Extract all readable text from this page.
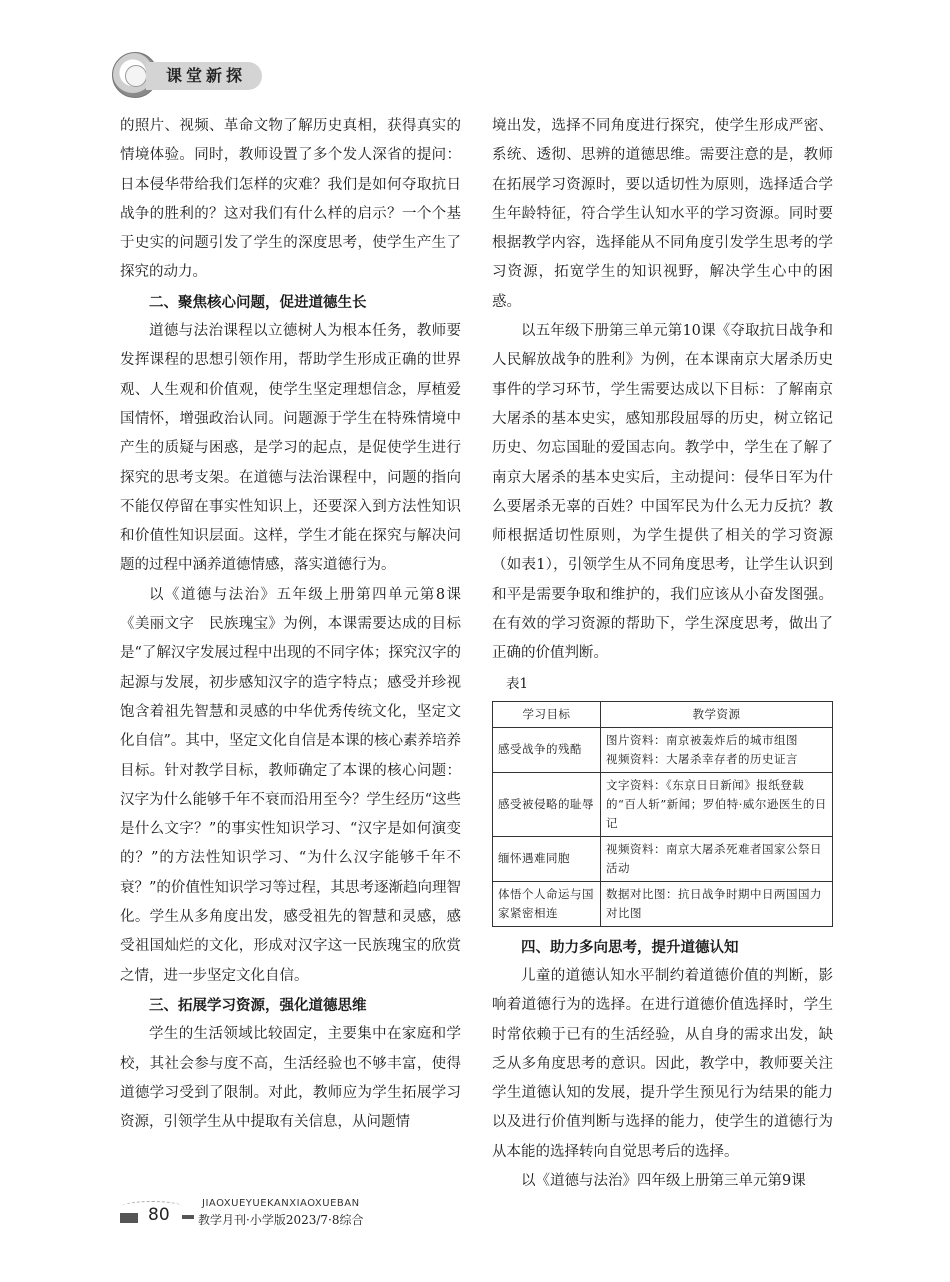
课堂新探

的照片、视频、革命文物了解历史真相，获得真实的情境体验。同时，教师设置了多个发人深省的提问：日本侵华带给我们怎样的灾难？我们是如何夺取抗日战争的胜利的？这对我们有什么样的启示？一个个基于史实的问题引发了学生的深度思考，使学生产生了探究的动力。

二、聚焦核心问题，促进道德生长

道德与法治课程以立德树人为根本任务，教师要发挥课程的思想引领作用，帮助学生形成正确的世界观、人生观和价值观，使学生坚定理想信念，厚植爱国情怀，增强政治认同。问题源于学生在特殊情境中产生的质疑与困惑，是学习的起点，是促使学生进行探究的思考支架。在道德与法治课程中，问题的指向不能仅停留在事实性知识上，还要深入到方法性知识和价值性知识层面。这样，学生才能在探究与解决问题的过程中涵养道德情感，落实道德行为。

以《道德与法治》五年级上册第四单元第8课《美丽文字　民族瑰宝》为例，本课需要达成的目标是“了解汉字发展过程中出现的不同字体；探究汉字的起源与发展，初步感知汉字的造字特点；感受并珍视饱含着祖先智慧和灵感的中华优秀传统文化，坚定文化自信”。其中，坚定文化自信是本课的核心素养培养目标。针对教学目标，教师确定了本课的核心问题：汉字为什么能够千年不衰而沿用至今？学生经历“这些是什么文字？”的事实性知识学习、“汉字是如何演变的？”的方法性知识学习、“为什么汉字能够千年不衰？”的价值性知识学习等过程，其思考逐渐趋向理智化。学生从多角度出发，感受祖先的智慧和灵感，感受祖国灿烂的文化，形成对汉字这一民族瑰宝的欣赏之情，进一步坚定文化自信。

三、拓展学习资源，强化道德思维

学生的生活领域比较固定，主要集中在家庭和学校，其社会参与度不高，生活经验也不够丰富，使得道德学习受到了限制。对此，教师应为学生拓展学习资源，引领学生从中提取有关信息，从问题情

境出发，选择不同角度进行探究，使学生形成严密、系统、透彻、思辨的道德思维。需要注意的是，教师在拓展学习资源时，要以适切性为原则，选择适合学生年龄特征，符合学生认知水平的学习资源。同时要根据教学内容，选择能从不同角度引发学生思考的学习资源，拓宽学生的知识视野，解决学生心中的困惑。

以五年级下册第三单元第10课《夺取抗日战争和人民解放战争的胜利》为例，在本课南京大屠杀历史事件的学习环节，学生需要达成以下目标：了解南京大屠杀的基本史实，感知那段屈辱的历史，树立铭记历史、勿忘国耻的爱国志向。教学中，学生在了解了南京大屠杀的基本史实后，主动提问：侵华日军为什么要屠杀无辜的百姓？中国军民为什么无力反抗？教师根据适切性原则，为学生提供了相关的学习资源（如表1），引领学生从不同角度思考，让学生认识到和平是需要争取和维护的，我们应该从小奋发图强。在有效的学习资源的帮助下，学生深度思考，做出了正确的价值判断。

表1
学习目标	教学资源
感受战争的残酷	图片资料：南京被轰炸后的城市组图
视频资料：大屠杀幸存者的历史证言
感受被侵略的耻辱	文字资料：《东京日日新闻》报纸登载的“百人斩”新闻；罗伯特·威尔逊医生的日记
缅怀遇难同胞	视频资料：南京大屠杀死难者国家公祭日活动
体悟个人命运与国家紧密相连	数据对比图：抗日战争时期中日两国国力对比图
四、助力多向思考，提升道德认知

儿童的道德认知水平制约着道德价值的判断，影响着道德行为的选择。在进行道德价值选择时，学生时常依赖于已有的生活经验，从自身的需求出发，缺乏从多角度思考的意识。因此，教学中，教师要关注学生道德认知的发展，提升学生预见行为结果的能力以及进行价值判断与选择的能力，使学生的道德行为从本能的选择转向自觉思考后的选择。

以《道德与法治》四年级上册第三单元第9课

80
JIAOXUEYUEKANXIAOXUEBAN
教学月刊·小学版2023/7·8综合
